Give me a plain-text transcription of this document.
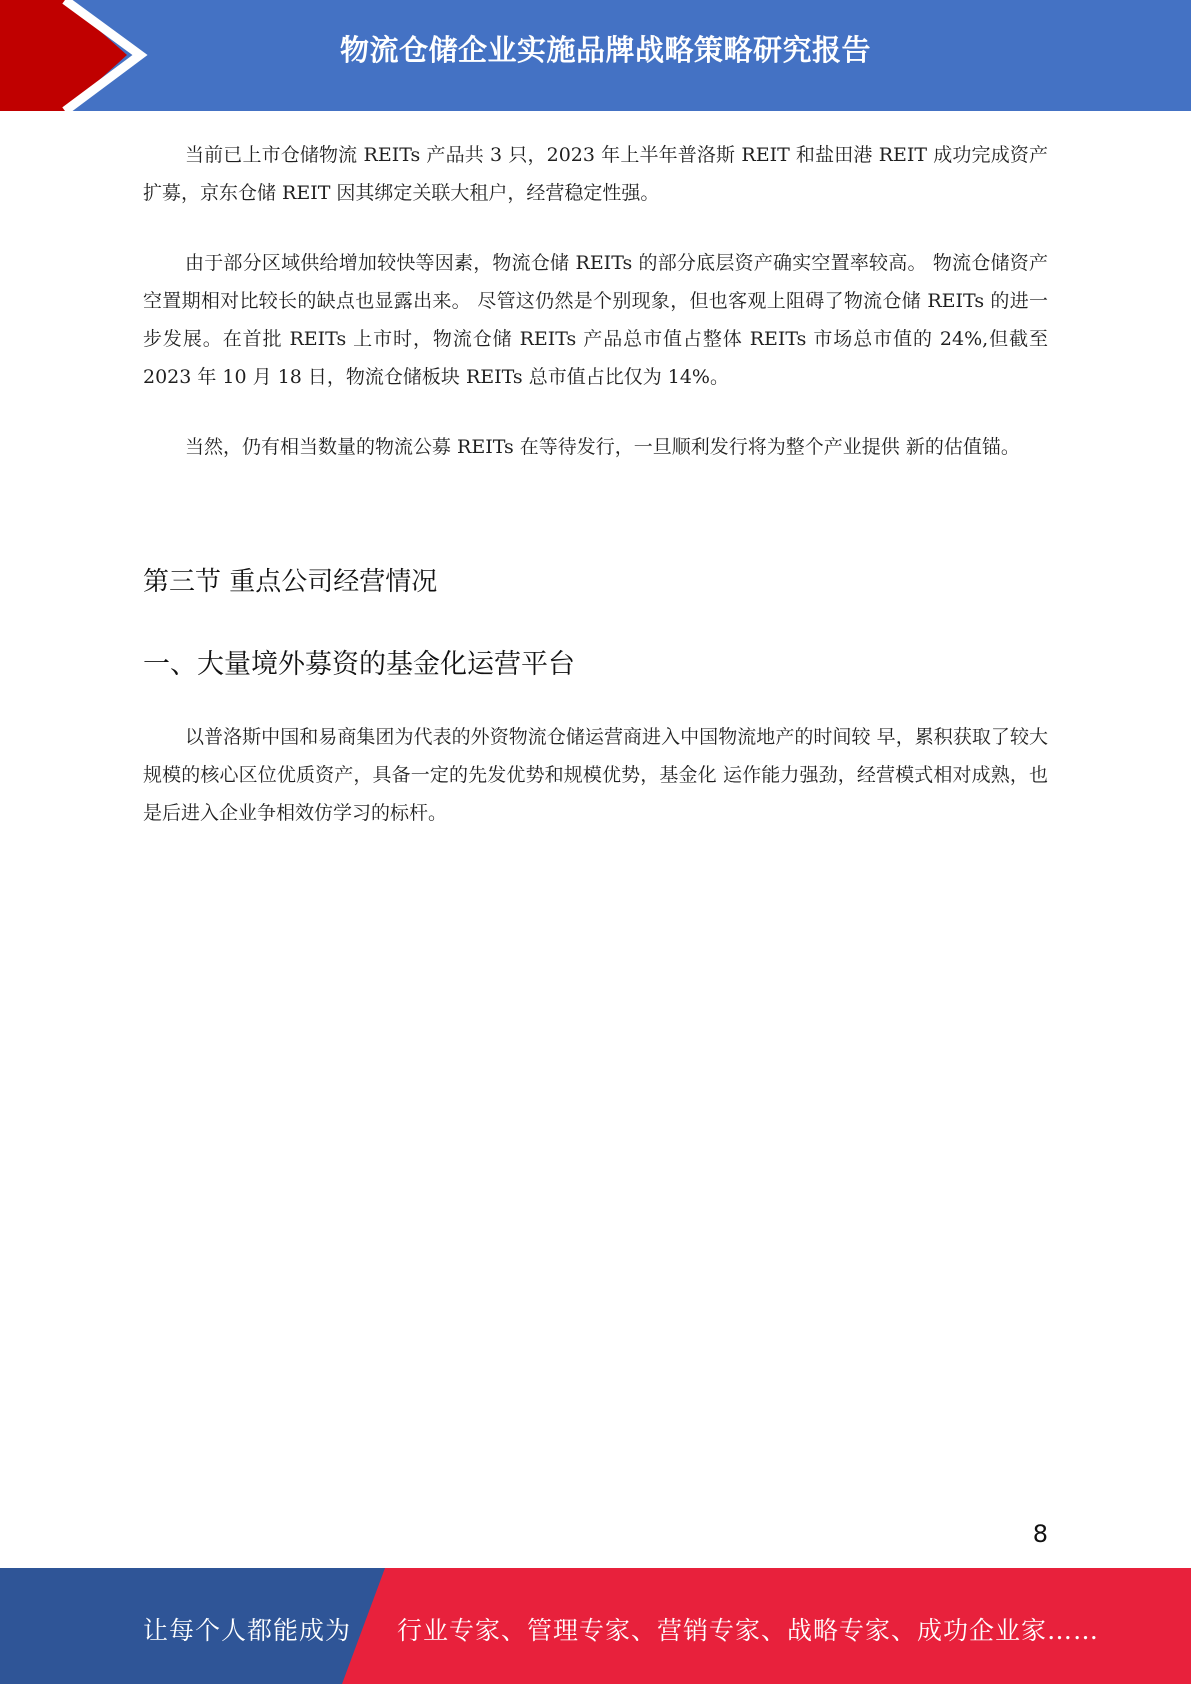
物流仓储企业实施品牌战略策略研究报告

当前已上市仓储物流 REITs 产品共 3 只，2023 年上半年普洛斯 REIT 和盐田港 REIT 成功完成资产扩募，京东仓储 REIT 因其绑定关联大租户，经营稳定性强。

由于部分区域供给增加较快等因素，物流仓储 REITs 的部分底层资产确实空置率较高。 物流仓储资产空置期相对比较长的缺点也显露出来。 尽管这仍然是个别现象，但也客观上阻碍了物流仓储 REITs 的进一步发展。在首批 REITs 上市时，物流仓储 REITs 产品总市值占整体 REITs 市场总市值的 24%,但截至 2023 年 10 月 18 日，物流仓储板块 REITs 总市值占比仅为 14%。

当然，仍有相当数量的物流公募 REITs 在等待发行，一旦顺利发行将为整个产业提供 新的估值锚。

第三节 重点公司经营情况
一、大量境外募资的基金化运营平台

以普洛斯中国和易商集团为代表的外资物流仓储运营商进入中国物流地产的时间较 早，累积获取了较大规模的核心区位优质资产，具备一定的先发优势和规模优势，基金化 运作能力强劲，经营模式相对成熟，也是后进入企业争相效仿学习的标杆。

8
让每个人都能成为 行业专家、管理专家、营销专家、战略专家、成功企业家……
